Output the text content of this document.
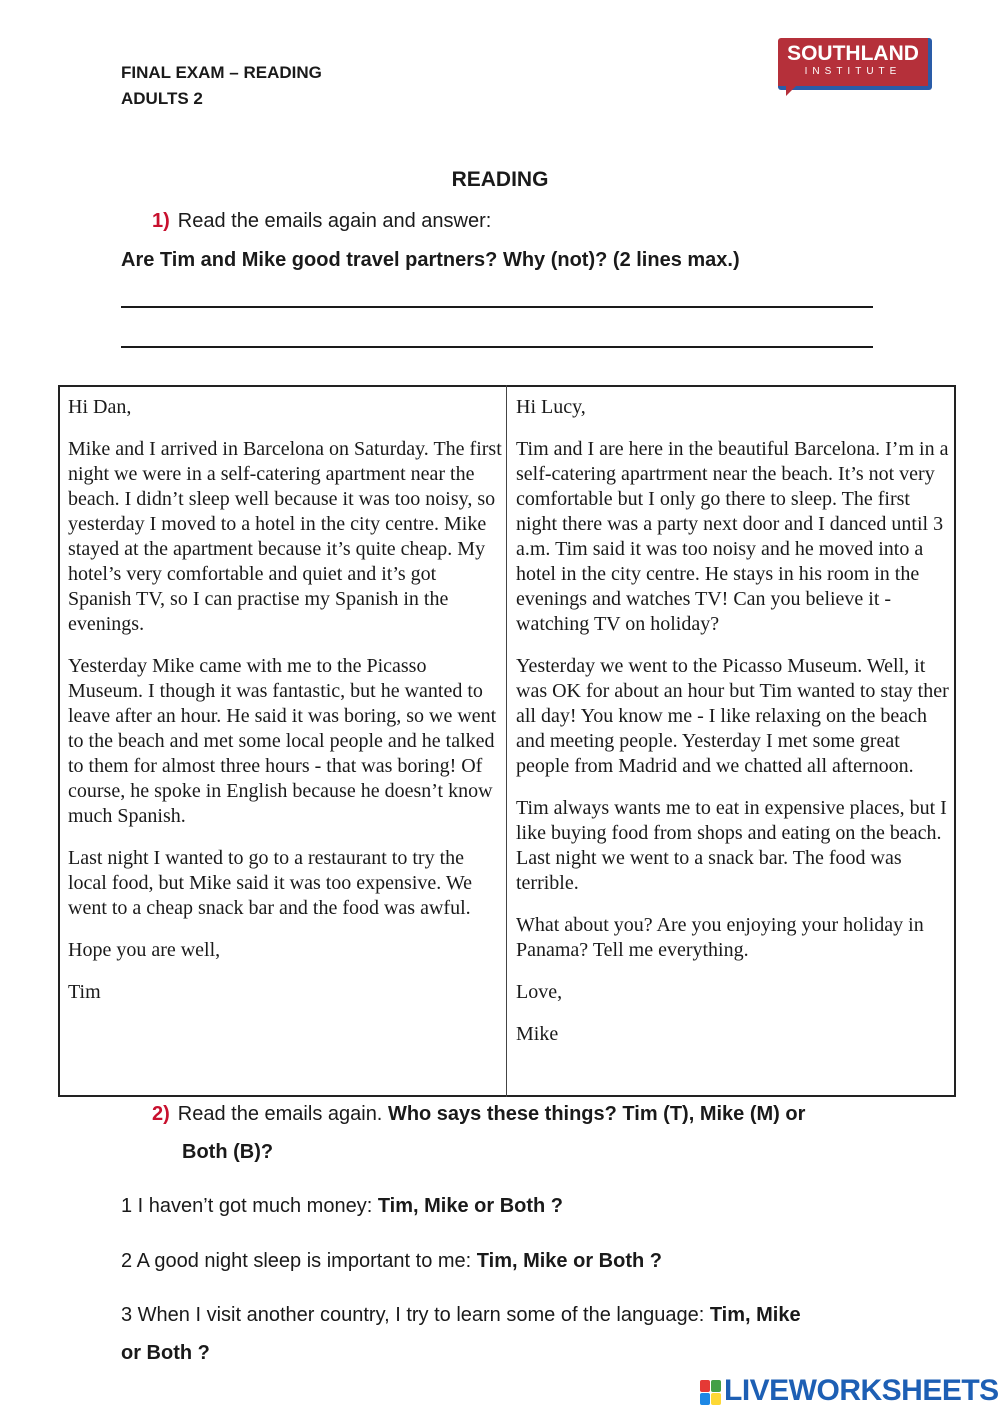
FINAL EXAM – READING
ADULTS 2
SOUTHLAND
INSTITUTE
READING
1) Read the emails again and answer:
Are Tim and Mike good travel partners? Why (not)? (2 lines max.)

Hi Dan,

Mike and I arrived in Barcelona on Saturday. The first night we were in a self-catering apartment near the beach. I didn’t sleep well because it was too noisy, so yesterday I moved to a hotel in the city centre. Mike stayed at the apartment because it’s quite cheap. My hotel’s very comfortable and quiet and it’s got Spanish TV, so I can practise my Spanish in the evenings.

Yesterday Mike came with me to the Picasso Museum. I though it was fantastic, but he wanted to leave after an hour. He said it was boring, so we went to the beach and met some local people and he talked to them for almost three hours - that was boring! Of course, he spoke in English because he doesn’t know much Spanish.

Last night I wanted to go to a restaurant to try the local food, but Mike said it was too expensive. We went to a cheap snack bar and the food was awful.

Hope you are well,

Tim

Hi Lucy,

Tim and I are here in the beautiful Barcelona. I’m in a self-catering apartrment near the beach. It’s not very comfortable but I only go there to sleep. The first night there was a party next door and I danced until 3 a.m. Tim said it was too noisy and he moved into a hotel in the city centre. He stays in his room in the evenings and watches TV! Can you believe it - watching TV on holiday?

Yesterday we went to the Picasso Museum. Well, it was OK for about an hour but Tim wanted to stay ther all day! You know me - I like relaxing on the beach and meeting people. Yesterday I met some great people from Madrid and we chatted all afternoon.

Tim always wants me to eat in expensive places, but I like buying food from shops and eating on the beach. Last night we went to a snack bar. The food was terrible.

What about you? Are you enjoying your holiday in Panama? Tell me everything.

Love,

Mike

2) Read the emails again. Who says these things? Tim (T), Mike (M) or
Both (B)?
1 I haven’t got much money: Tim, Mike or Both ?
2 A good night sleep is important to me: Tim, Mike or Both ?
3 When I visit another country, I try to learn some of the language: Tim, Mike
or Both ?
LIVEWORKSHEETS
